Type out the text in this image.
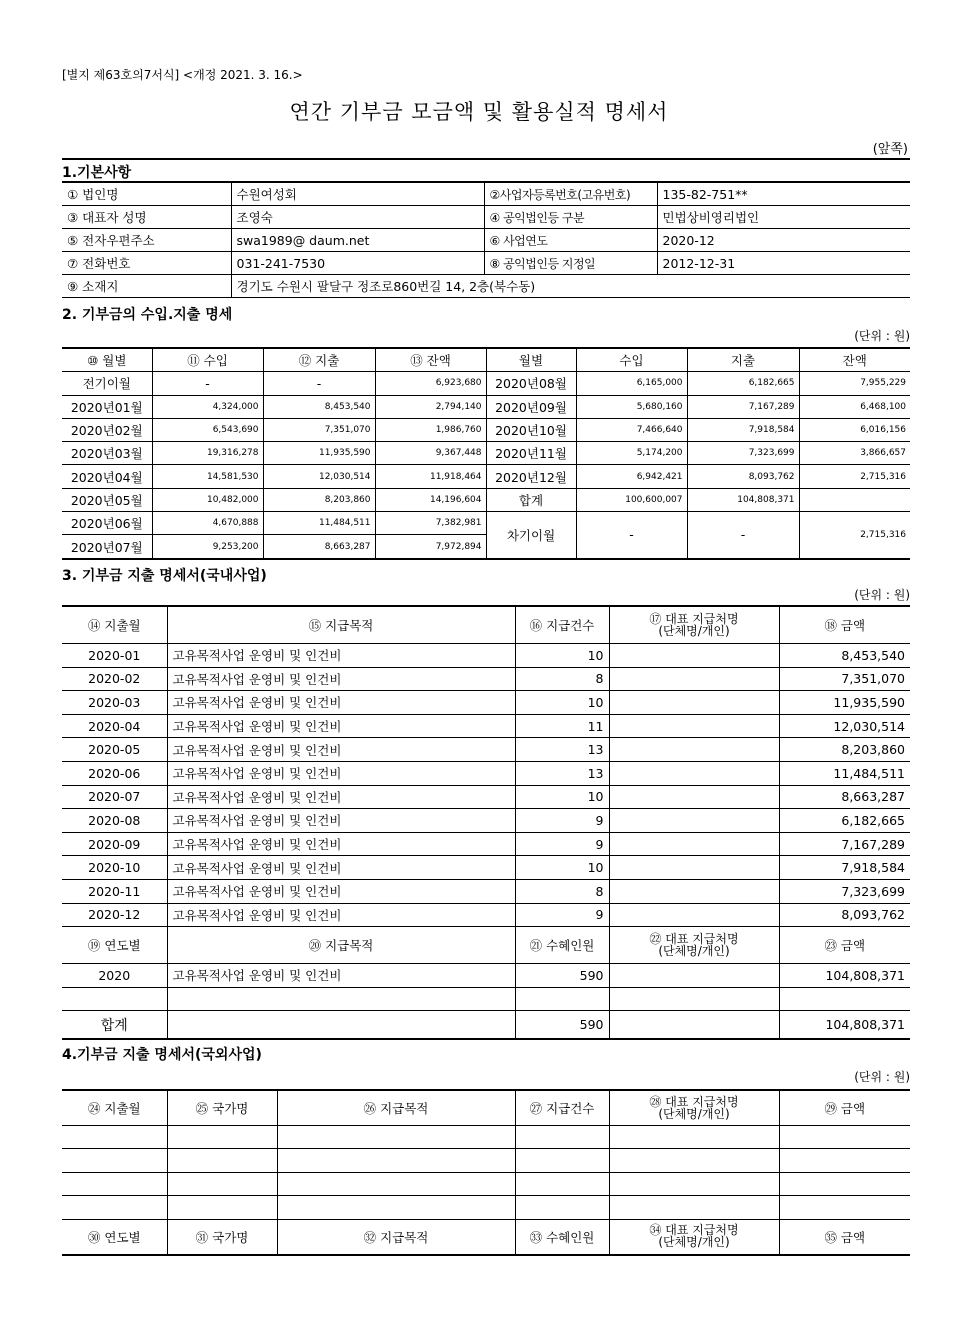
[별지 제63호의7서식] <개정 2021. 3. 16.>
연간 기부금 모금액 및 활용실적 명세서
(앞쪽)
1.기본사항
① 법인명	수원여성회	②사업자등록번호(고유번호)	135-82-751**
③ 대표자 성명	조영숙	④ 공익법인등 구분	민법상비영리법인
⑤ 전자우편주소	swa1989@ daum.net	⑥ 사업연도	2020-12
⑦ 전화번호	031-241-7530	⑧ 공익법인등 지정일	2012-12-31
⑨ 소재지	경기도 수원시 팔달구 정조로860번길 14, 2층(북수동)		
2. 기부금의 수입.지출 명세
(단위 : 원)
⑩ 월별	⑪ 수입	⑫ 지출	⑬ 잔액	월별	수입	지출	잔액
전기이월	-	-	6,923,680	2020년08월	6,165,000	6,182,665	7,955,229
2020년01월	4,324,000	8,453,540	2,794,140	2020년09월	5,680,160	7,167,289	6,468,100
2020년02월	6,543,690	7,351,070	1,986,760	2020년10월	7,466,640	7,918,584	6,016,156
2020년03월	19,316,278	11,935,590	9,367,448	2020년11월	5,174,200	7,323,699	3,866,657
2020년04월	14,581,530	12,030,514	11,918,464	2020년12월	6,942,421	8,093,762	2,715,316
2020년05월	10,482,000	8,203,860	14,196,604	합계	100,600,007	104,808,371	
2020년06월	4,670,888	11,484,511	7,382,981	차기이월	-	-	2,715,316
2020년07월	9,253,200	8,663,287	7,972,894				
3. 기부금 지출 명세서(국내사업)
(단위 : 원)
⑭ 지출월	⑮ 지급목적	⑯ 지급건수	⑰ 대표 지급처명
(단체명/개인)	⑱ 금액
2020-01	고유목적사업 운영비 및 인건비	10		8,453,540
2020-02	고유목적사업 운영비 및 인건비	8		7,351,070
2020-03	고유목적사업 운영비 및 인건비	10		11,935,590
2020-04	고유목적사업 운영비 및 인건비	11		12,030,514
2020-05	고유목적사업 운영비 및 인건비	13		8,203,860
2020-06	고유목적사업 운영비 및 인건비	13		11,484,511
2020-07	고유목적사업 운영비 및 인건비	10		8,663,287
2020-08	고유목적사업 운영비 및 인건비	9		6,182,665
2020-09	고유목적사업 운영비 및 인건비	9		7,167,289
2020-10	고유목적사업 운영비 및 인건비	10		7,918,584
2020-11	고유목적사업 운영비 및 인건비	8		7,323,699
2020-12	고유목적사업 운영비 및 인건비	9		8,093,762
⑲ 연도별	⑳ 지급목적	㉑ 수혜인원	㉒ 대표 지급처명
(단체명/개인)	㉓ 금액
2020	고유목적사업 운영비 및 인건비	590		104,808,371

합계		590		104,808,371
4.기부금 지출 명세서(국외사업)
(단위 : 원)
㉔ 지출월	㉕ 국가명	㉖ 지급목적	㉗ 지급건수	㉘ 대표 지급처명
(단체명/개인)	㉙ 금액

㉚ 연도별	㉛ 국가명	㉜ 지급목적	㉝ 수혜인원	㉞ 대표 지급처명
(단체명/개인)	㉟ 금액
